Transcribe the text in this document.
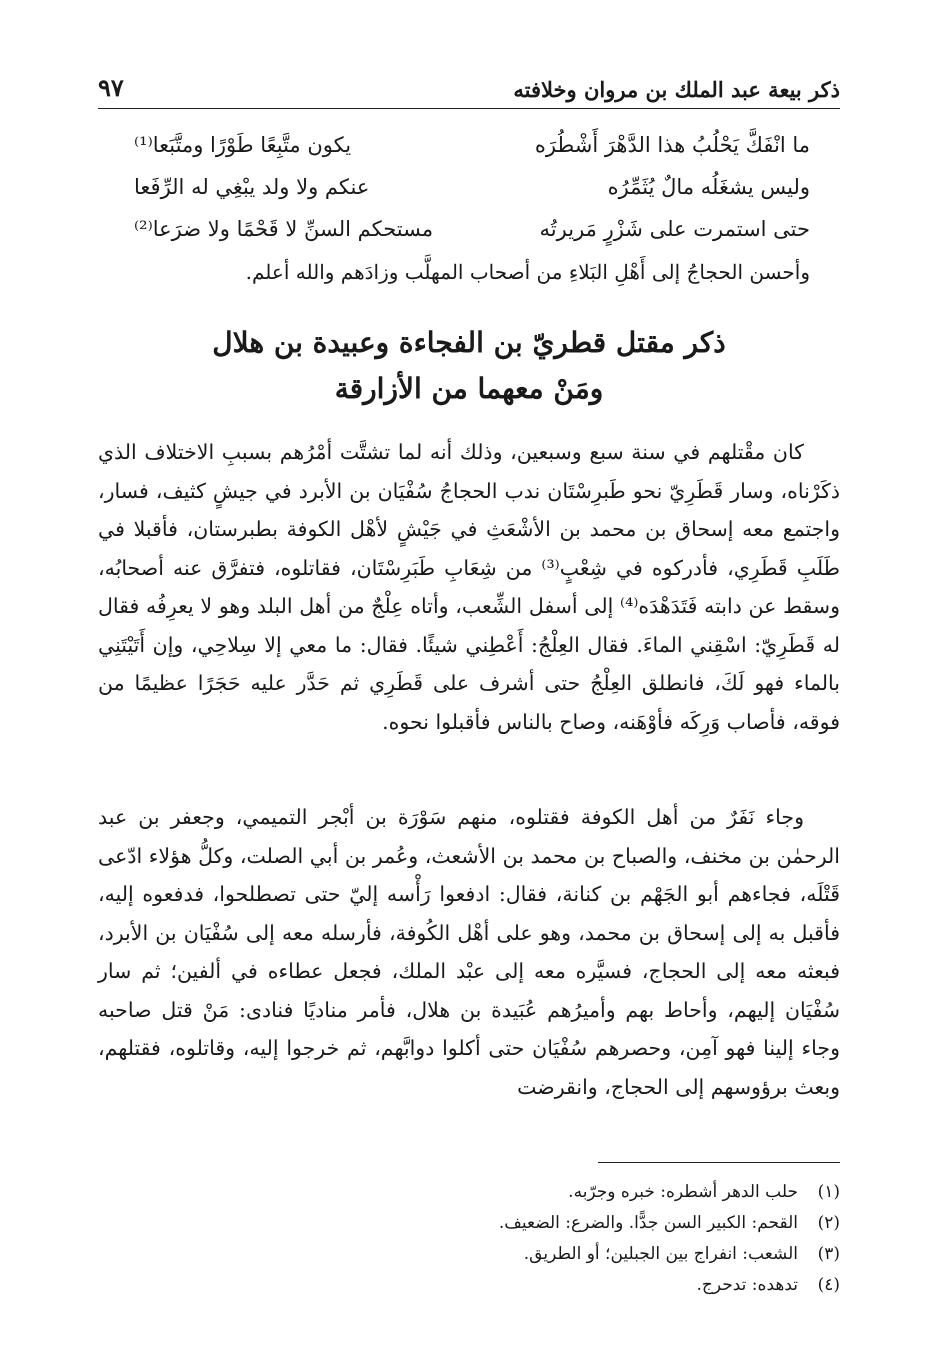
٩٧	ذكر بيعة عبد الملك بن مروان وخلافته
ما انْفَكَّ يَحْلُبُ هذا الدَّهْرَ أَشْطُرَه
يكون متَّبِعًا طَوْرًا ومتَّبَعا⁽¹⁾
وليس يشغَلُه مالٌ يُثَمِّرُه
عنكم ولا ولد يبْغِي له الرِّفَعا
حتى استمرت على شَزْرٍ مَريرتُه
مستحكم السنِّ لا قَحْمًا ولا ضرَعا⁽²⁾
وأحسن الحجاجُ إلى أَهْلِ البَلاءِ من أصحاب المهلَّب وزادَهم والله أعلم.
ذكر مقتل قطريّ بن الفجاءة وعبيدة بن هلال
ومَنْ معهما من الأزارقة

كان مقْتلهم في سنة سبع وسبعين، وذلك أنه لما تشتَّت أمْرُهم بسببِ الاختلاف الذي ذكَرْناه، وسار قَطَرِيّ نحو طَبرِسْتَان ندب الحجاجُ سُفْيَان بن الأبرد في جيشٍ كثيف، فسار، واجتمع معه إسحاق بن محمد بن الأشْعَثِ في جَيْشٍ لأهْل الكوفة بطبرستان، فأقبلا في طَلَبِ قَطَرِي، فأدركوه في شِعْبٍ⁽³⁾ من شِعَابِ طَبَرِسْتَان، فقاتلوه، فتفرَّق عنه أصحابُه، وسقط عن دابته فَتَدَهْدَه⁽⁴⁾ إلى أسفل الشِّعب، وأتاه عِلْجٌ من أهل البلد وهو لا يعرِفُه فقال له قَطَرِيّ: اسْقِني الماءَ. فقال العِلْجُ: أَعْطِني شيئًا. فقال: ما معي إلا سِلاحِي، وإن أَتَيْتَنِي بالماء فهو لَكَ، فانطلق العِلْجُ حتى أشرف على قَطَرِي ثم حَدَّر عليه حَجَرًا عظيمًا من فوقه، فأصاب وَرِكَه فأوْهَنه، وصاح بالناس فأقبلوا نحوه.

وجاء نَفَرٌ من أهل الكوفة فقتلوه، منهم سَوْرَة بن أبْجر التميمي، وجعفر بن عبد الرحمٰن بن مخنف، والصباح بن محمد بن الأشعث، وعُمر بن أبي الصلت، وكلُّ هؤلاء ادّعى قَتْلَه، فجاءهم أبو الجَهْم بن كنانة، فقال: ادفعوا رَأْسه إليّ حتى تصطلحوا، فدفعوه إليه، فأقبل به إلى إسحاق بن محمد، وهو على أهْل الكُوفة، فأرسله معه إلى سُفْيَان بن الأبرد، فبعثه معه إلى الحجاج، فسيَّره معه إلى عبْد الملك، فجعل عطاءه في ألفين؛ ثم سار سُفْيَان إليهم، وأحاط بهم وأميرُهم عُبَيدة بن هلال، فأمر مناديًا فنادى: مَنْ قتل صاحبه وجاء إلينا فهو آمِن، وحصرهم سُفْيَان حتى أكلوا دوابَّهم، ثم خرجوا إليه، وقاتلوه، فقتلهم، وبعث برؤوسهم إلى الحجاج، وانقرضت

(١)
حلب الدهر أشطره: خبره وجرّبه.
(٢)
القحم: الكبير السن جدًّا. والضرع: الضعيف.
(٣)
الشعب: انفراج بين الجبلين؛ أو الطريق.
(٤)
تدهده: تدحرج.
